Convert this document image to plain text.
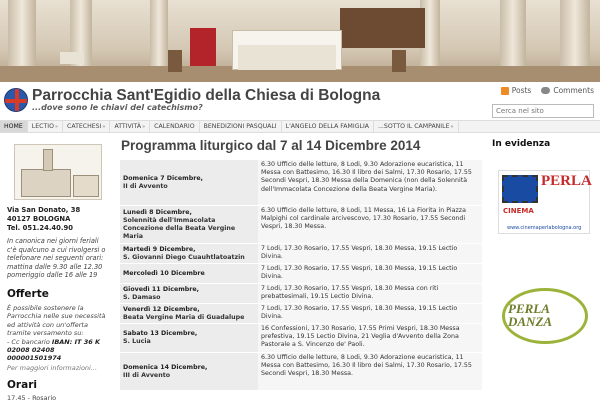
Parrocchia Sant'Egidio della Chiesa di Bologna
...dove sono le chiavi del catechismo?
Posts	Comments
Cerca nel sito
HOME LECTIO » CATECHESI » ATTIVITÀ » CALENDARIO BENEDIZIONI PASQUALI L'ANGELO DELLA FAMIGLIA ...SOTTO IL CAMPANILE »
Via San Donato, 38
40127 BOLOGNA
Tel. 051.24.40.90
In canonica nei giorni feriali c'è qualcuno a cui rivolgersi o telefonare nei seguenti orari: mattina dalle 9.30 alle 12.30 pomeriggio dalle 16 alle 19
Offerte
È possibile sostenere la Parrocchia nelle sue necessità ed attività con un'offerta tramite versamento su:
- Cc bancario IBAN: IT 36 K 02008 02408 000001501974
Per maggiori informazioni...
Orari
17.45 - Rosario
Programma liturgico dal 7 al 14 Dicembre 2014
Domenica 7 Dicembre,
II di Avvento
6.30 Ufficio delle letture, 8 Lodi, 9.30 Adorazione eucaristica, 11 Messa con Battesimo, 16.30 Il libro dei Salmi, 17.30 Rosario, 17.55 Secondi Vespri, 18.30 Messa della Domenica (non della Solennità dell'Immacolata Concezione della Beata Vergine Maria).
Lunedì 8 Dicembre,
Solennità dell'Immacolata Concezione della Beata Vergine Maria
6.30 Ufficio delle letture, 8 Lodi, 11 Messa, 16 La Fiorita in Piazza Malpighi col cardinale arcivescovo, 17.30 Rosario, 17.55 Secondi Vespri, 18.30 Messa.
Martedì 9 Dicembre,
S. Giovanni Diego Cuauhtlatoatzin
7 Lodi, 17.30 Rosario, 17.55 Vespri, 18.30 Messa, 19.15 Lectio Divina.
Mercoledì 10 Dicembre
7 Lodi, 17.30 Rosario, 17.55 Vespri, 18.30 Messa, 19.15 Lectio Divina.
Giovedì 11 Dicembre,
S. Damaso
7 Lodi, 17.30 Rosario, 17.55 Vespri, 18.30 Messa con riti prebattesimali, 19.15 Lectio Divina.
Venerdì 12 Dicembre,
Beata Vergine Maria di Guadalupe
7 Lodi, 17.30 Rosario, 17.55 Vespri, 18.30 Messa, 19.15 Lectio Divina.
Sabato 13 Dicembre,
S. Lucia
16 Confessioni, 17.30 Rosario, 17.55 Primi Vespri, 18.30 Messa prefestiva, 19.15 Lectio Divina, 21 Veglia d'Avvento della Zona Pastorale a S. Vincenzo de' Paoli.
Domenica 14 Dicembre,
III di Avvento
6.30 Ufficio delle letture, 8 Lodi, 9.30 Adorazione eucaristica, 11 Messa con Battesimo, 16.30 Il libro dei Salmi, 17.30 Rosario, 17.55 Secondi Vespri, 18.30 Messa.
In evidenza
PERLA
CINEMA
www.cinemaperlabologna.org
PERLA DANZA
